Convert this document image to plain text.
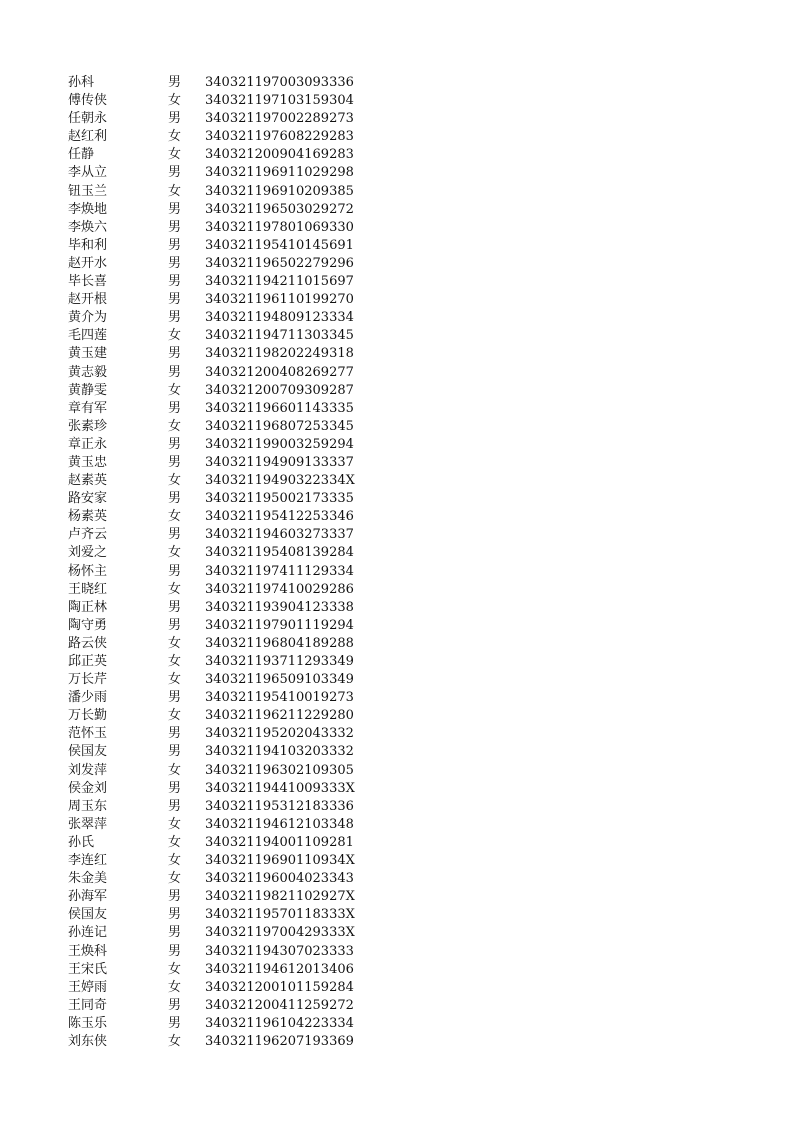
孙科	男	340321197003093336
傅传侠	女	340321197103159304
任朝永	男	340321197002289273
赵红利	女	340321197608229283
任静	女	340321200904169283
李从立	男	340321196911029298
钮玉兰	女	340321196910209385
李焕地	男	340321196503029272
李焕六	男	340321197801069330
毕和利	男	340321195410145691
赵开水	男	340321196502279296
毕长喜	男	340321194211015697
赵开根	男	340321196110199270
黄介为	男	340321194809123334
毛四莲	女	340321194711303345
黄玉建	男	340321198202249318
黄志毅	男	340321200408269277
黄静雯	女	340321200709309287
章有军	男	340321196601143335
张素珍	女	340321196807253345
章正永	男	340321199003259294
黄玉忠	男	340321194909133337
赵素英	女	34032119490322334X
路安家	男	340321195002173335
杨素英	女	340321195412253346
卢齐云	男	340321194603273337
刘爱之	女	340321195408139284
杨怀主	男	340321197411129334
王晓红	女	340321197410029286
陶正林	男	340321193904123338
陶守勇	男	340321197901119294
路云侠	女	340321196804189288
邱正英	女	340321193711293349
万长芹	女	340321196509103349
潘少雨	男	340321195410019273
万长勤	女	340321196211229280
范怀玉	男	340321195202043332
侯国友	男	340321194103203332
刘发萍	女	340321196302109305
侯金刘	男	34032119441009333X
周玉东	男	340321195312183336
张翠萍	女	340321194612103348
孙氏	女	340321194001109281
李连红	女	34032119690110934X
朱金美	女	340321196004023343
孙海军	男	34032119821102927X
侯国友	男	34032119570118333X
孙连记	男	34032119700429333X
王焕科	男	340321194307023333
王宋氏	女	340321194612013406
王婷雨	女	340321200101159284
王同奇	男	340321200411259272
陈玉乐	男	340321196104223334
刘东侠	女	340321196207193369
